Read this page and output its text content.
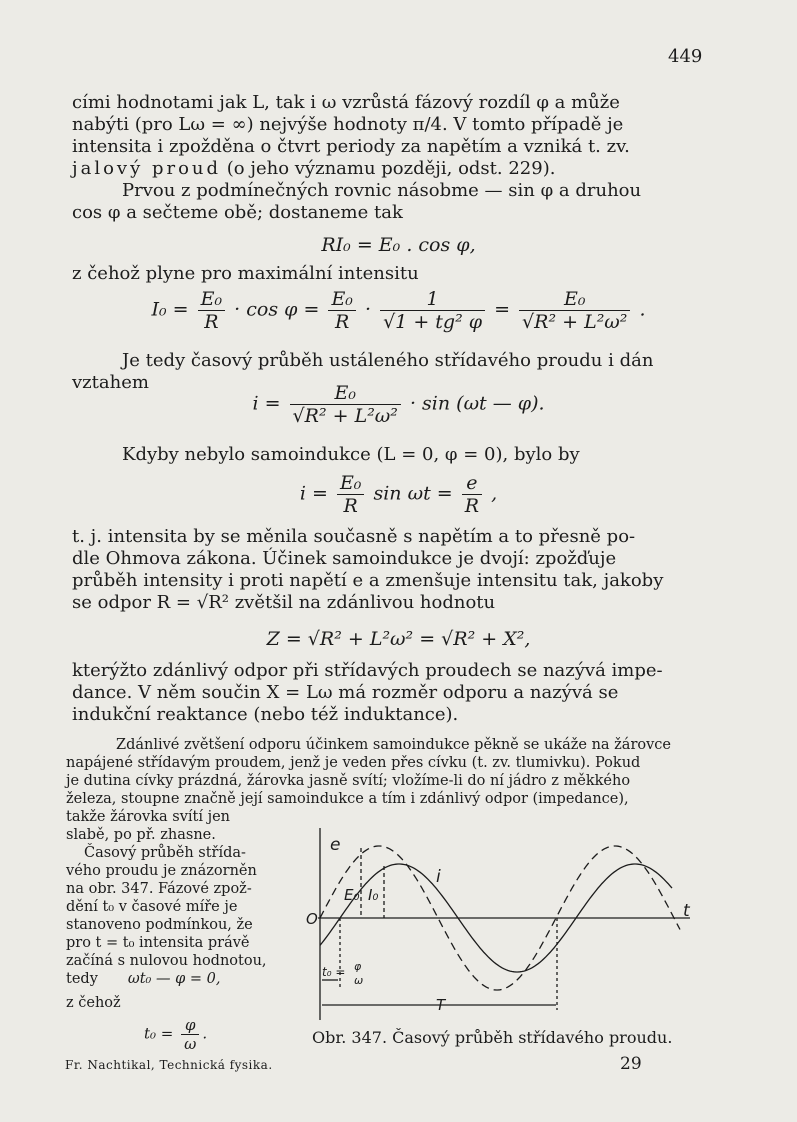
449
cími hodnotami jak L, tak i ω vzrůstá fázový rozdíl φ a může
nabýti (pro Lω = ∞) nejvýše hodnoty π/4. V tomto případě je
intensita i zpožděna o čtvrt periody za napětím a vzniká t. zv.
jalový proud (o jeho významu později, odst. 229).
Prvou z podmínečných rovnic násobme — sin φ a druhou
cos φ a sečteme obě; dostaneme tak
RI₀ = E₀ . cos φ,
z čehož plyne pro maximální intensitu
$I_0 = \frac{\text{E₀}}{R} \cdot \cos \varphi = \frac{\text{E₀}}{R} \cdot \frac{1}{\text{√1 + tg² φ}} = \frac{\text{E₀}}{\text{√R² + L²ω²}}$ .
Je tedy časový průběh ustáleného střídavého proudu i dán
vztahem
$i = \frac{\text{E₀}}{\text{√R² + L²ω²}} \cdot \sin (\omega t$ — φ).
Kdyby nebylo samoindukce (L = 0, φ = 0), bylo by
$i = \frac{\text{E₀}}{R}$ $\sin \omega t = \frac{e}{R}$ ,
t. j. intensita by se měnila současně s napětím a to přesně po-
dle Ohmova zákona. Účinek samoindukce je dvojí: zpožďuje
průběh intensity i proti napětí e a zmenšuje intensitu tak, jakoby
se odpor R = √R² zvětšil na zdánlivou hodnotu
Z = √R² + L²ω² = √R² + X²,
kterýžto zdánlivý odpor při střídavých proudech se nazývá impe-
dance. V něm součin X = Lω má rozměr odporu a nazývá se
indukční reaktance (nebo též induktance).
Zdánlivé zvětšení odporu účinkem samoindukce pěkně se ukáže na žárovce
napájené střídavým proudem, jenž je veden přes cívku (t. zv. tlumivku). Pokud
je dutina cívky prázdná, žárovka jasně svítí; vložíme-li do ní jádro z měkkého
železa, stoupne značně její samoindukce a tím i zdánlivý odpor (impedance),
takže žárovka svítí jen
slabě, po př. zhasne.
Časový průběh střída-
vého proudu je znázorněn
na obr. 347. Fázové zpož-
dění t₀ v časové míře je
stanoveno podmínkou, že
pro t = t₀ intensita právě
začíná s nulovou hodnotou,
tedy ωt₀ — φ = 0,
z čehož
$t_0 = \frac{\varphi}{\omega}$ .
e
i
E₀ I₀
O	t
T
t₀ = φ
ω
Obr. 347. Časový průběh střídavého proudu.
Fr. Nachtikal, Technická fysika.	29
